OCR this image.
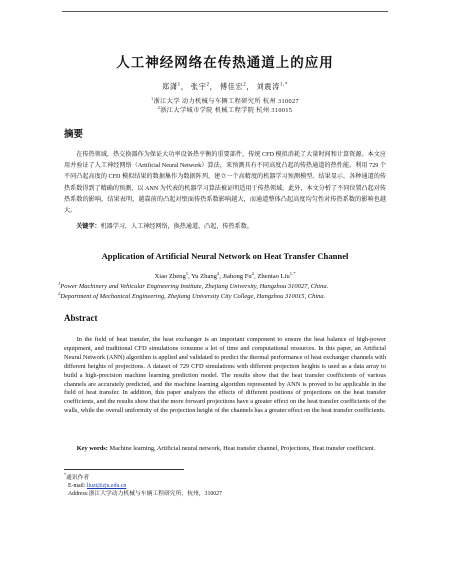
人工神经网络在传热通道上的应用
郑潇$^1$， 张宇$^2$， 傅佳宏$^2$， 刘震涛$^{1,*}$
$^1$浙江大学 动力机械与车辆工程研究所 杭州 310027
$^2$浙江大学城市学院 机械工程学院 杭州 310015
摘要
在传热领域，热交换器作为保证大功率设备热平衡的重要部件，传统 CFD 模拟消耗了大量时间和计算资源。本文应用并验证了人工神经网络（Artificial Neural Network）算法，来预测具有不同高度凸起的传热通道的热性能。利用 729 个不同凸起高度的 CFD 模拟结果的数据集作为数据阵列，建立一个高精度的机器学习预测模型。结果显示，各种通道的传热系数得到了精确的预测，以 ANN 为代表的机器学习算法被证明适用于传热领域。此外，本文分析了不同位置凸起对传热系数的影响，结果表明，越靠前的凸起对壁面传热系数影响越大，而通道整体凸起高度均匀性对传热系数的影响也越大。
关键字：机器学习，人工神经网络，换热通道，凸起，传热系数。
Application of Artificial Neural Network on Heat Transfer Channel
Xiao Zheng$^1$, Yu Zhang$^2$, Jiahong Fu$^2$, Zhentao Liu$^{1,*}$
$^1$Power Machinery and Vehicular Engineering Institute, Zhejiang University, Hangzhou 310027, China.
$^2$Department of Mechanical Engineering, Zhejiang University City College, Hangzhou 310015, China.
Abstract
In the field of heat transfer, the heat exchanger is an important component to ensure the heat balance of high-power equipment, and traditional CFD simulations consume a lot of time and computational resources. In this paper, an Artificial Neural Network (ANN) algorithm is applied and validated to predict the thermal performance of heat exchanger channels with different heights of projections. A dataset of 729 CFD simulations with different projection heights is used as a data array to build a high-precision machine learning prediction model. The results show that the heat transfer coefficients of various channels are accurately predicted, and the machine learning algorithm represented by ANN is proved to be applicable in the field of heat transfer. In addition, this paper analyzes the effects of different positions of projections on the heat transfer coefficients, and the results show that the more forward projections have a greater effect on the heat transfer coefficients of the walls, while the overall uniformity of the projection height of the channels has a greater effect on the heat transfer coefficients.
Key words: Machine learning, Artificial neural network, Heat transfer channel, Projections, Heat transfer coefficient.
*通讯作者
E-mail: liuzt@zju.edu.cn
Address:浙江大学动力机械与车辆工程研究所，杭州，310027
